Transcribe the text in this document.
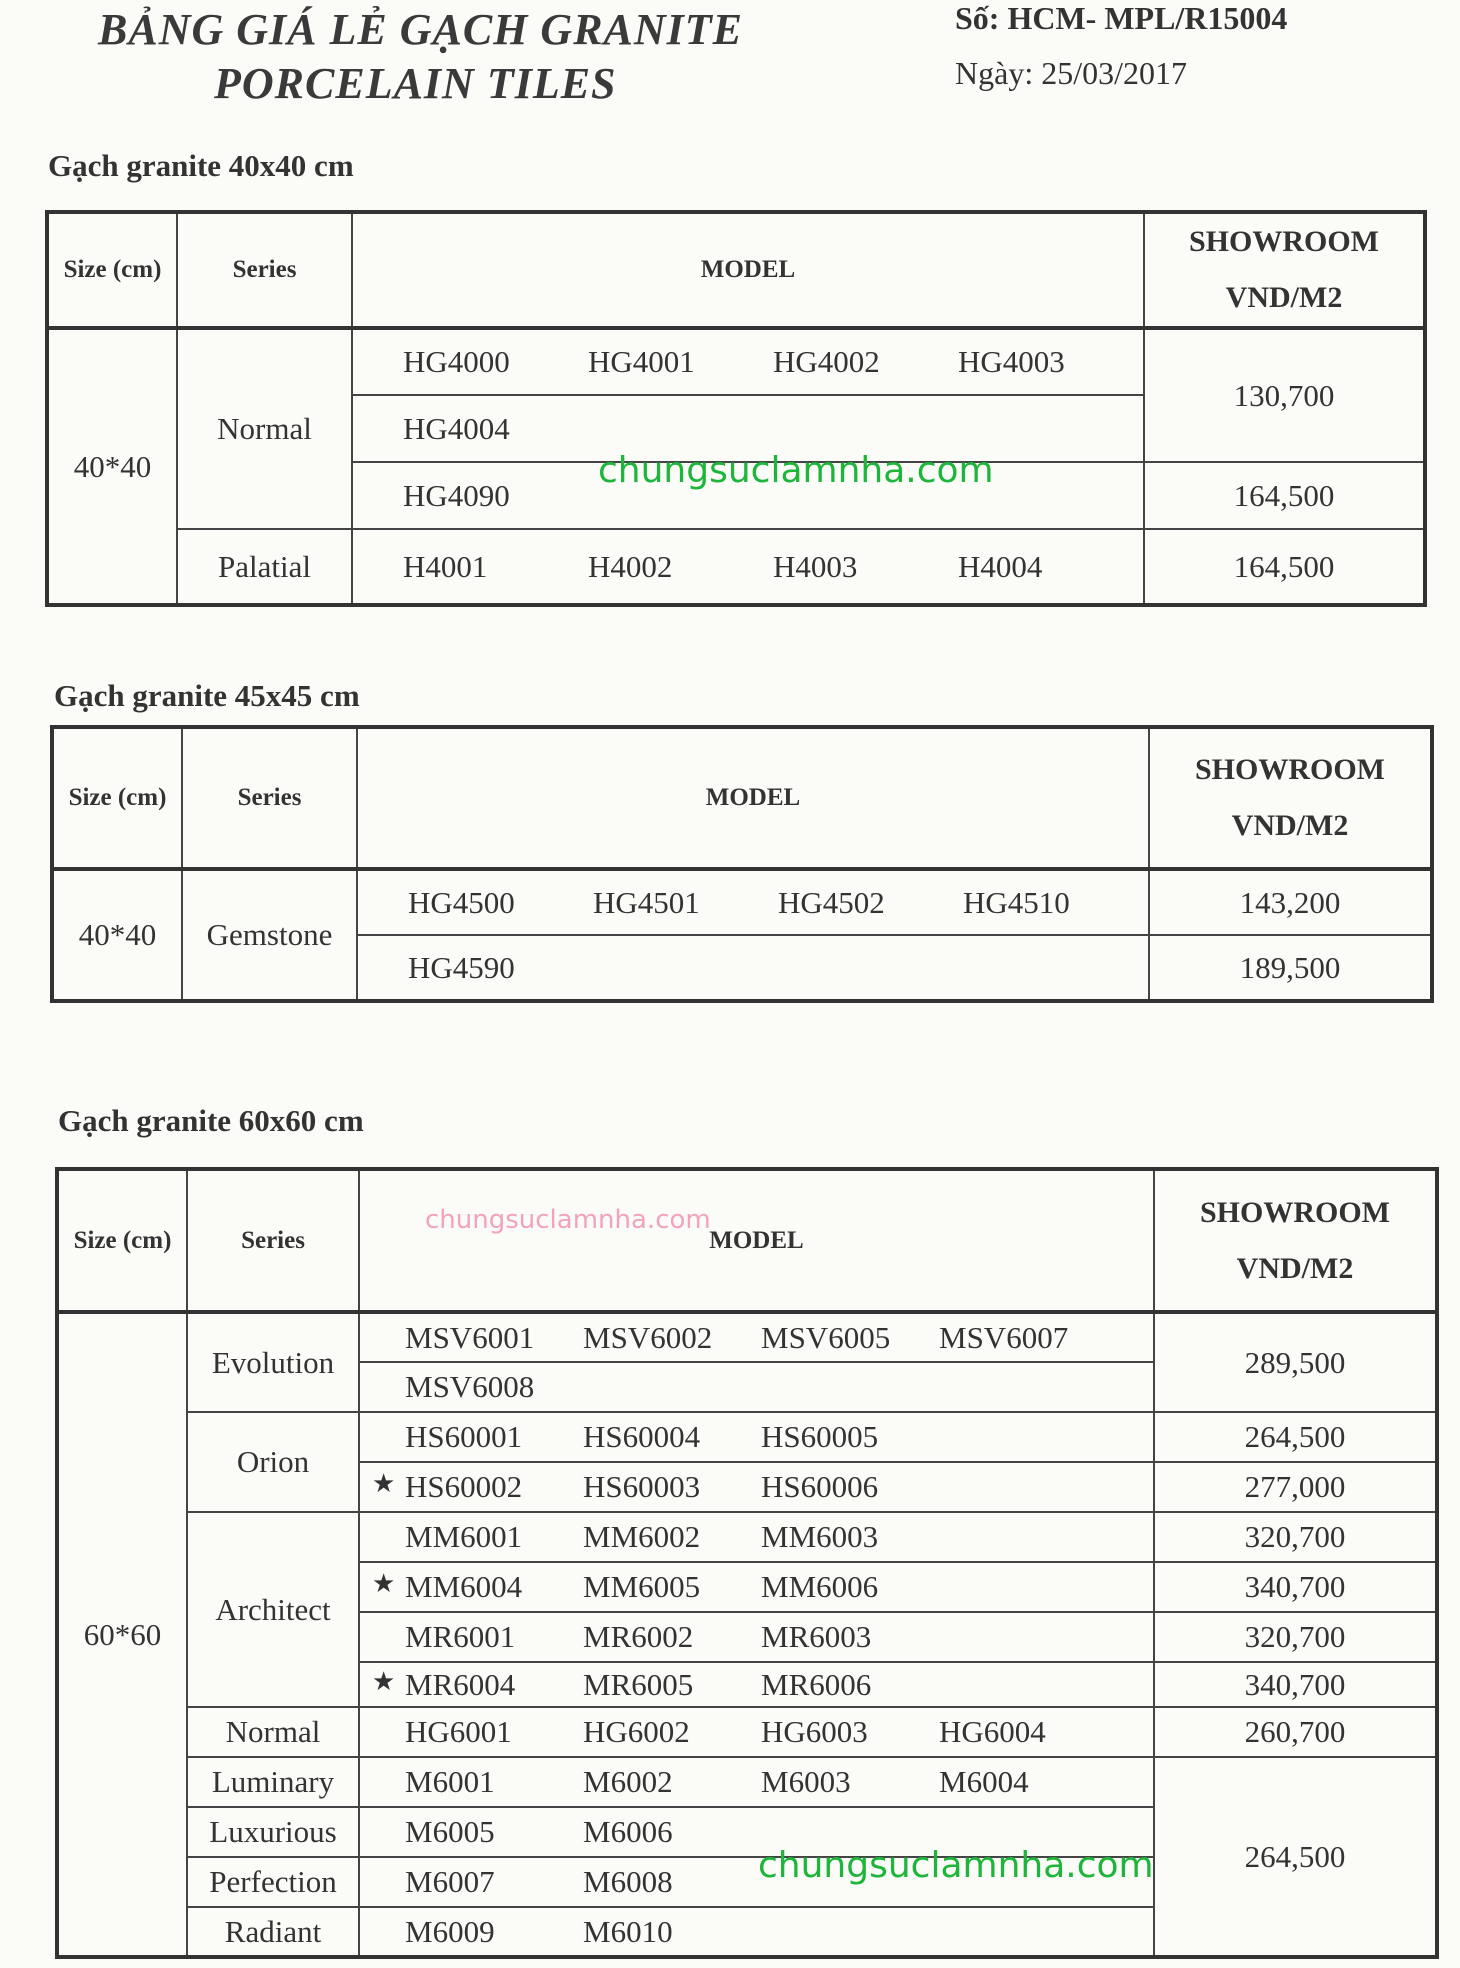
BẢNG GIÁ LẺ GẠCH GRANITE
PORCELAIN TILES
Số: HCM- MPL/R15004
Ngày: 25/03/2017
Gạch granite 40x40 cm
Size (cm)	Series	MODEL	SHOWROOM
VND/M2

40*40	Normal	HG4000 HG4001 HG4002 HG4003	130,700

		HG4004	

		HG4090	164,500
	Palatial	H4001 H4002 H4003 H4004	164,500
Gạch granite 45x45 cm
Size (cm)	Series	MODEL	SHOWROOM
VND/M2

40*40	Gemstone	HG4500 HG4501 HG4502 HG4510	143,200

		HG4590	189,500
Gạch granite 60x60 cm
Size (cm)	Series	MODEL	SHOWROOM
VND/M2

60*60	Evolution	MSV6001 MSV6002 MSV6005 MSV6007	289,500

		MSV6008	

	Orion	HS60001 HS60004 HS60005	264,500

		★ HS60002 HS60003 HS60006	277,000
	Architect	MM6001 MM6002 MM6003	320,700

		★ MM6004 MM6005 MM6006	340,700

		MR6001 MR6002 MR6003	320,700

		★ MR6004 MR6005 MR6006	340,700
	Normal	HG6001 HG6002 HG6003 HG6004	260,700
	Luminary	M6001 M6002 M6003 M6004	264,500
	Luxurious	M6005 M6006	

	Perfection	M6007 M6008	

	Radiant	M6009 M6010	
chungsuclamnha.com
chungsuclamnha.com
chungsuclamnha.com
